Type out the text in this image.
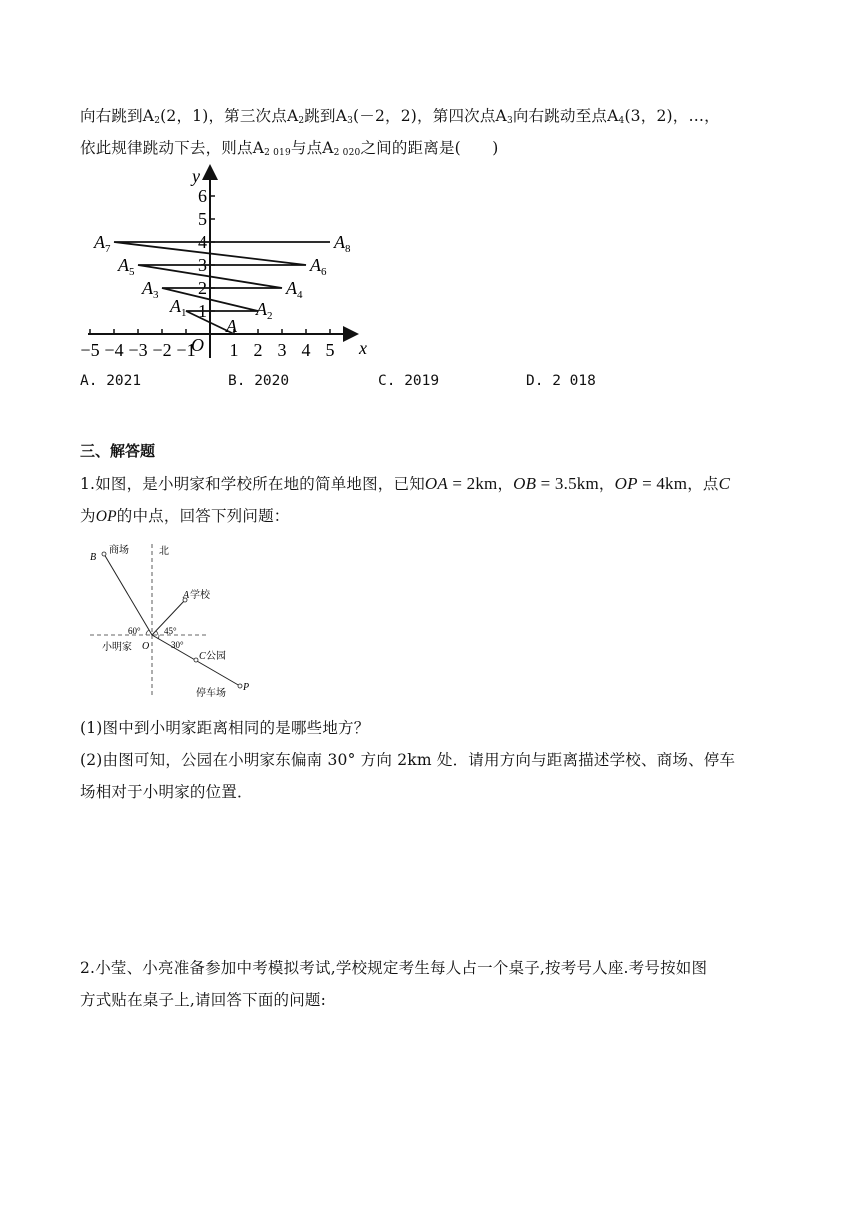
向右跳到$A_2(2$，1)，第三次点$A_2$跳到$A_3(-2$，2)，第四次点$A_3$向右跳动至点$A_4(3$，2)，…，
依此规律跳动下去，则点$A_{2 019}$与点$A_{2 020}$之间的距离是(　　)
−5 −4 −3 −2 −1 1 2 3 4 5
1
2
3
4
5
6
A
$A_1$	$A_2$
$A_3$	$A_4$
$A_5$	$A_6$
$A_7$	$A_8$
x
y
O
A. 2021	B. 2020	C. 2019	D. 2 018
三、解答题
1.如图，是小明家和学校所在地的简单地图，已知OA = 2km，OB = 3.5km，OP = 4km，点C
为OP的中点，回答下列问题：
B
商场	北
A 学校
60°	45°
30°
O
小明家
C 公园
停车场
P
(1)图中到小明家距离相同的是哪些地方？
(2)由图可知，公园在小明家东偏南 30° 方向 2km 处．请用方向与距离描述学校、商场、停车
场相对于小明家的位置．
2.小莹、小亮准备参加中考模拟考试,学校规定考生每人占一个桌子,按考号人座.考号按如图
方式贴在桌子上,请回答下面的问题:
